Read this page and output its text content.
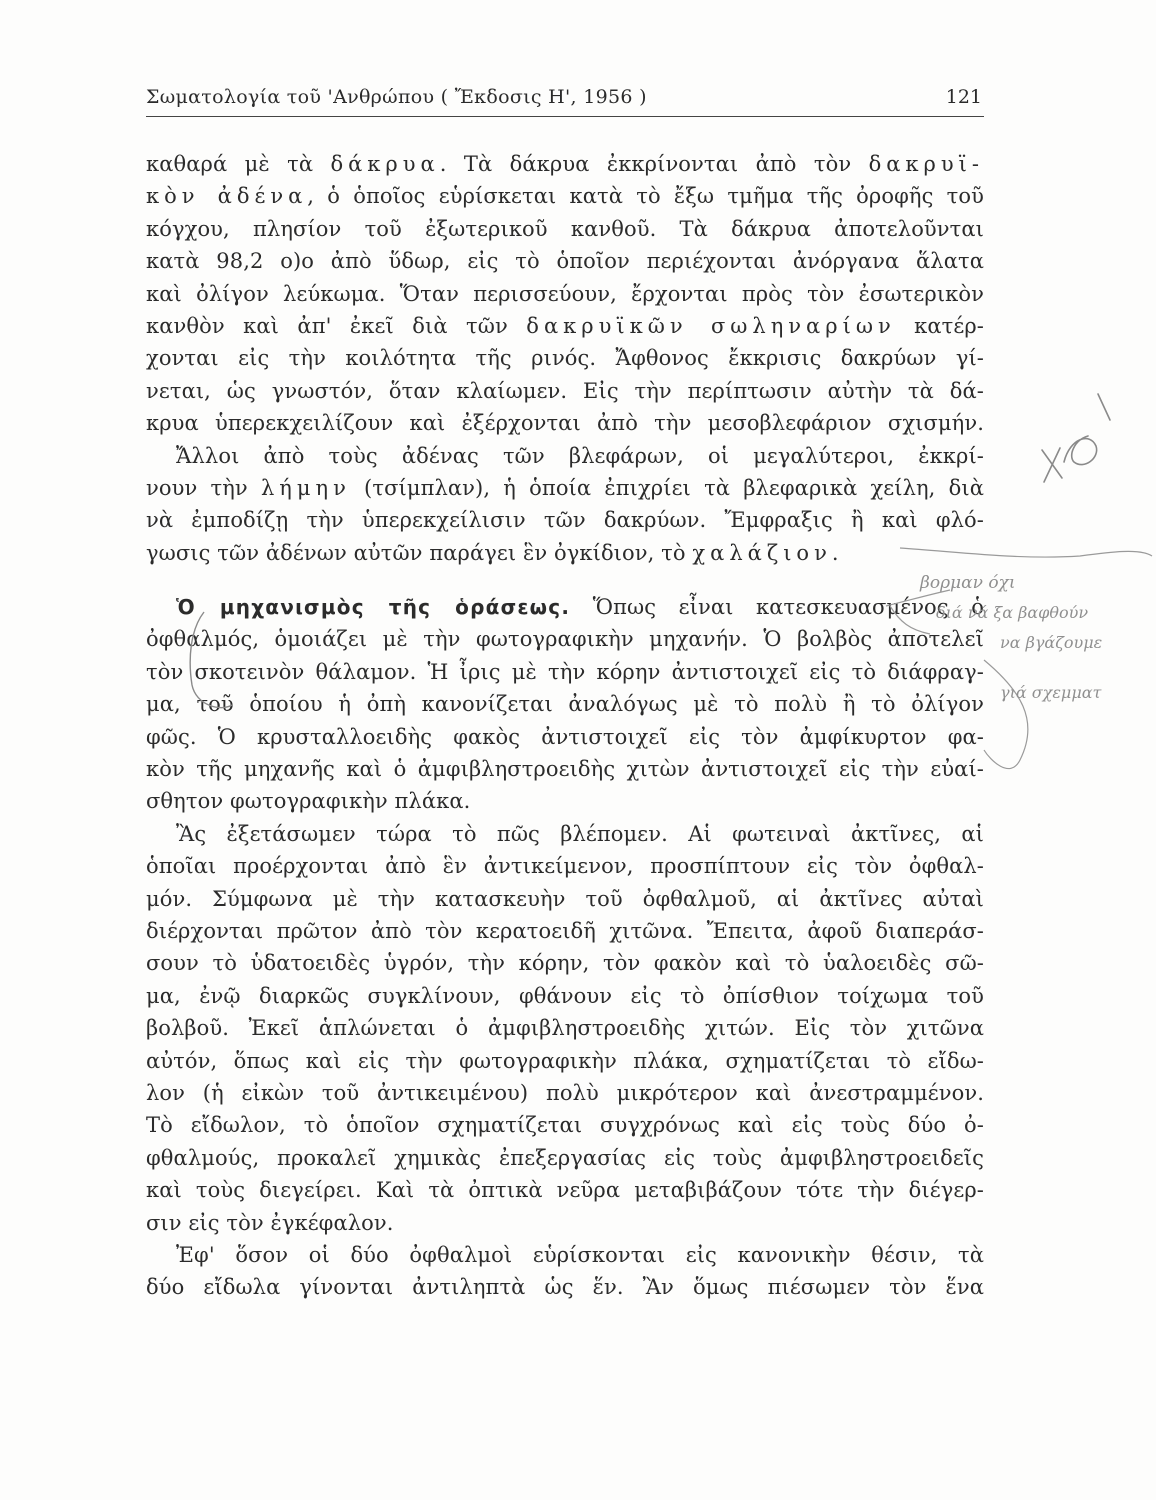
Σωματολογία τοῦ 'Ανθρώπου ( Ἔκδοσις Η', 1956 )	121
καθαρά μὲ τὰ δάκρυα. Τὰ δάκρυα ἐκκρίνονται ἀπὸ τὸν δακρυϊ-
κὸν ἀδένα, ὁ ὁποῖος εὑρίσκεται κατὰ τὸ ἔξω τμῆμα τῆς ὀροφῆς τοῦ
κόγχου, πλησίον τοῦ ἐξωτερικοῦ κανθοῦ. Τὰ δάκρυα ἀποτελοῦνται
κατὰ 98,2 ο)ο ἀπὸ ὕδωρ, εἰς τὸ ὁποῖον περιέχονται ἀνόργανα ἅλατα
καὶ ὀλίγον λεύκωμα. Ὅταν περισσεύουν, ἔρχονται πρὸς τὸν ἐσωτερικὸν
κανθὸν καὶ ἀπ' ἐκεῖ διὰ τῶν δακρυϊκῶν σωληναρίων κατέρ-
χονται εἰς τὴν κοιλότητα τῆς ρινός. Ἄφθονος ἔκκρισις δακρύων γί-
νεται, ὡς γνωστόν, ὅταν κλαίωμεν. Εἰς τὴν περίπτωσιν αὐτὴν τὰ δά-
κρυα ὑπερεκχειλίζουν καὶ ἐξέρχονται ἀπὸ τὴν μεσοβλεφάριον σχισμήν.
Ἄλλοι ἀπὸ τοὺς ἀδένας τῶν βλεφάρων, οἱ μεγαλύτεροι, ἐκκρί-
νουν τὴν λήμην (τσίμπλαν), ἡ ὁποία ἐπιχρίει τὰ βλεφαρικὰ χείλη, διὰ
νὰ ἐμποδίζῃ τὴν ὑπερεκχείλισιν τῶν δακρύων. Ἔμφραξις ἢ καὶ φλό-
γωσις τῶν ἀδένων αὐτῶν παράγει ἓν ὀγκίδιον, τὸ χαλάζιον.
Ὁ μηχανισμὸς τῆς ὁράσεως. Ὅπως εἶναι κατεσκευασμένος ὁ
ὀφθαλμός, ὁμοιάζει μὲ τὴν φωτογραφικὴν μηχανήν. Ὁ βολβὸς ἀποτελεῖ
τὸν σκοτεινὸν θάλαμον. Ἡ ἶρις μὲ τὴν κόρην ἀντιστοιχεῖ εἰς τὸ διάφραγ-
μα, τοῦ ὁποίου ἡ ὀπὴ κανονίζεται ἀναλόγως μὲ τὸ πολὺ ἢ τὸ ὀλίγον
φῶς. Ὁ κρυσταλλοειδὴς φακὸς ἀντιστοιχεῖ εἰς τὸν ἀμφίκυρτον φα-
κὸν τῆς μηχανῆς καὶ ὁ ἀμφιβληστροειδὴς χιτὼν ἀντιστοιχεῖ εἰς τὴν εὐαί-
σθητον φωτογραφικὴν πλάκα.
Ἂς ἐξετάσωμεν τώρα τὸ πῶς βλέπομεν. Αἱ φωτειναὶ ἀκτῖνες, αἱ
ὁποῖαι προέρχονται ἀπὸ ἓν ἀντικείμενον, προσπίπτουν εἰς τὸν ὀφθαλ-
μόν. Σύμφωνα μὲ τὴν κατασκευὴν τοῦ ὀφθαλμοῦ, αἱ ἀκτῖνες αὐταὶ
διέρχονται πρῶτον ἀπὸ τὸν κερατοειδῆ χιτῶνα. Ἔπειτα, ἀφοῦ διαπεράσ-
σουν τὸ ὑδατοειδὲς ὑγρόν, τὴν κόρην, τὸν φακὸν καὶ τὸ ὑαλοειδὲς σῶ-
μα, ἐνῷ διαρκῶς συγκλίνουν, φθάνουν εἰς τὸ ὀπίσθιον τοίχωμα τοῦ
βολβοῦ. Ἐκεῖ ἁπλώνεται ὁ ἀμφιβληστροειδὴς χιτών. Εἰς τὸν χιτῶνα
αὐτόν, ὅπως καὶ εἰς τὴν φωτογραφικὴν πλάκα, σχηματίζεται τὸ εἴδω-
λον (ἡ εἰκὼν τοῦ ἀντικειμένου) πολὺ μικρότερον καὶ ἀνεστραμμένον.
Τὸ εἴδωλον, τὸ ὁποῖον σχηματίζεται συγχρόνως καὶ εἰς τοὺς δύο ὀ-
φθαλμούς, προκαλεῖ χημικὰς ἐπεξεργασίας εἰς τοὺς ἀμφιβληστροειδεῖς
καὶ τοὺς διεγείρει. Καὶ τὰ ὀπτικὰ νεῦρα μεταβιβάζουν τότε τὴν διέγερ-
σιν εἰς τὸν ἐγκέφαλον.
Ἐφ' ὅσον οἱ δύο ὀφθαλμοὶ εὑρίσκονται εἰς κανονικὴν θέσιν, τὰ
δύο εἴδωλα γίνονται ἀντιληπτὰ ὡς ἕν. Ἂν ὅμως πιέσωμεν τὸν ἕνα
βορμαν όχι
διά νά ξα βαφθούν
να βγάζουμε
γιά σχεμματ
